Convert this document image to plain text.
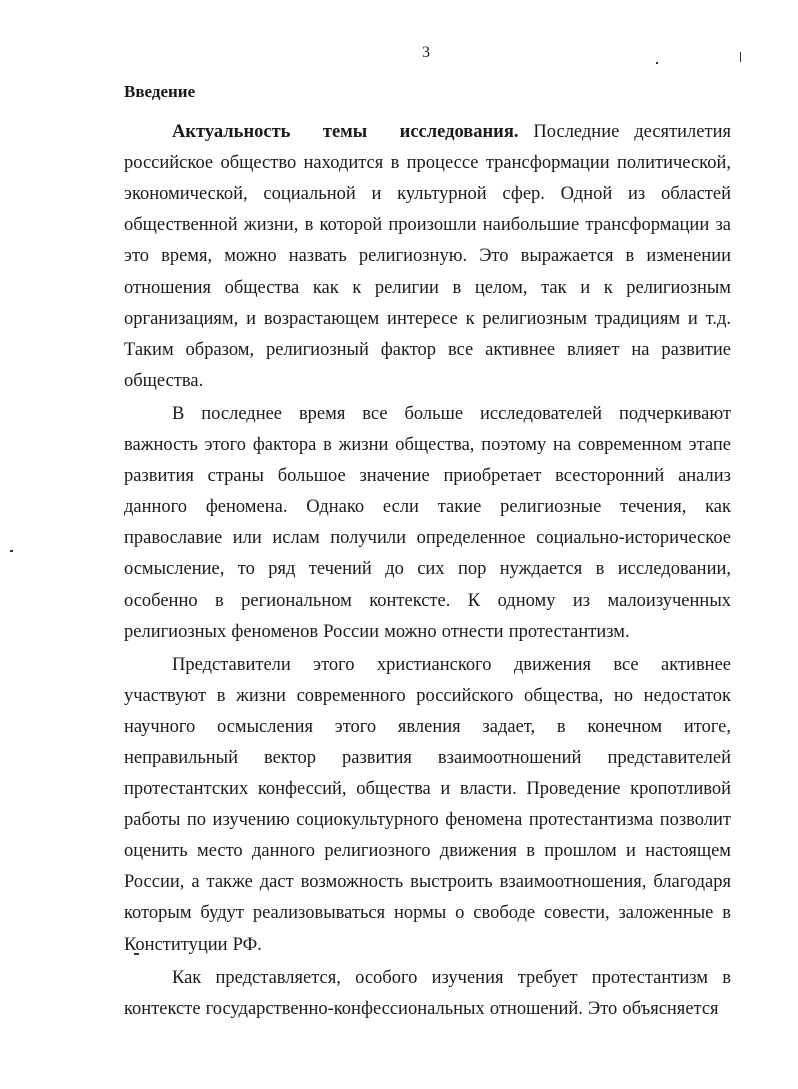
3

Введение

Актуальность темы исследования. Последние десятилетия российское общество находится в процессе трансформации политической, экономической, социальной и культурной сфер. Одной из областей общественной жизни, в которой произошли наибольшие трансформации за это время, можно назвать религиозную. Это выражается в изменении отношения общества как к религии в целом, так и к религиозным организациям, и возрастающем интересе к религиозным традициям и т.д. Таким образом, религиозный фактор все активнее влияет на развитие общества.

В последнее время все больше исследователей подчеркивают важность этого фактора в жизни общества, поэтому на современном этапе развития страны большое значение приобретает всесторонний анализ данного феномена. Однако если такие религиозные течения, как православие или ислам получили определенное социально-историческое осмысление, то ряд течений до сих пор нуждается в исследовании, особенно в региональном контексте. К одному из малоизученных религиозных феноменов России можно отнести протестантизм.

Представители этого христианского движения все активнее участвуют в жизни современного российского общества, но недостаток научного осмысления этого явления задает, в конечном итоге, неправильный вектор развития взаимоотношений представителей протестантских конфессий, общества и власти. Проведение кропотливой работы по изучению социокультурного феномена протестантизма позволит оценить место данного религиозного движения в прошлом и настоящем России, а также даст возможность выстроить взаимоотношения, благодаря которым будут реализовываться нормы о свободе совести, заложенные в Конституции РФ.

Как представляется, особого изучения требует протестантизм в контексте государственно-конфессиональных отношений. Это объясняется
